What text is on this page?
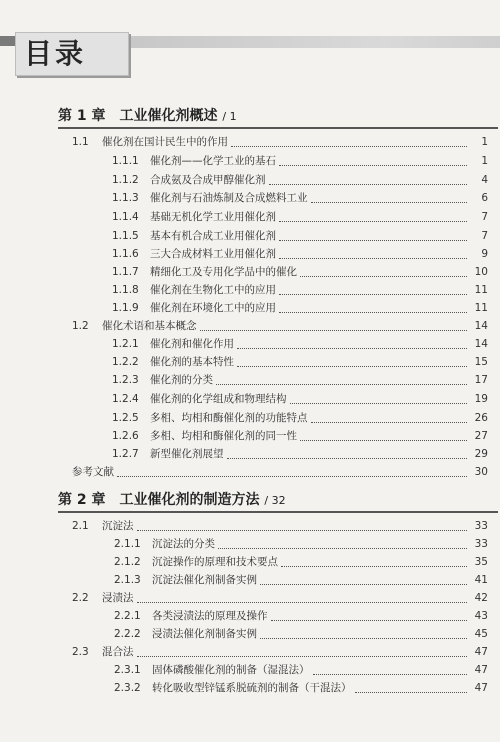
目录
第 1 章　工业催化剂概述 / 1
1.1	催化剂在国计民生中的作用	1
1.1.1	催化剂——化学工业的基石	1
1.1.2	合成氨及合成甲醇催化剂	4
1.1.3	催化剂与石油炼制及合成燃料工业	6
1.1.4	基础无机化学工业用催化剂	7
1.1.5	基本有机合成工业用催化剂	7
1.1.6	三大合成材料工业用催化剂	9
1.1.7	精细化工及专用化学品中的催化	10
1.1.8	催化剂在生物化工中的应用	11
1.1.9	催化剂在环境化工中的应用	11
1.2	催化术语和基本概念	14
1.2.1	催化剂和催化作用	14
1.2.2	催化剂的基本特性	15
1.2.3	催化剂的分类	17
1.2.4	催化剂的化学组成和物理结构	19
1.2.5	多相、均相和酶催化剂的功能特点	26
1.2.6	多相、均相和酶催化剂的同一性	27
1.2.7	新型催化剂展望	29
参考文献	30
第 2 章　工业催化剂的制造方法 / 32
2.1	沉淀法	33
2.1.1	沉淀法的分类	33
2.1.2	沉淀操作的原理和技术要点	35
2.1.3	沉淀法催化剂制备实例	41
2.2	浸渍法	42
2.2.1	各类浸渍法的原理及操作	43
2.2.2	浸渍法催化剂制备实例	45
2.3	混合法	47
2.3.1	固体磷酸催化剂的制备（湿混法）	47
2.3.2	转化吸收型锌锰系脱硫剂的制备（干混法）	47
